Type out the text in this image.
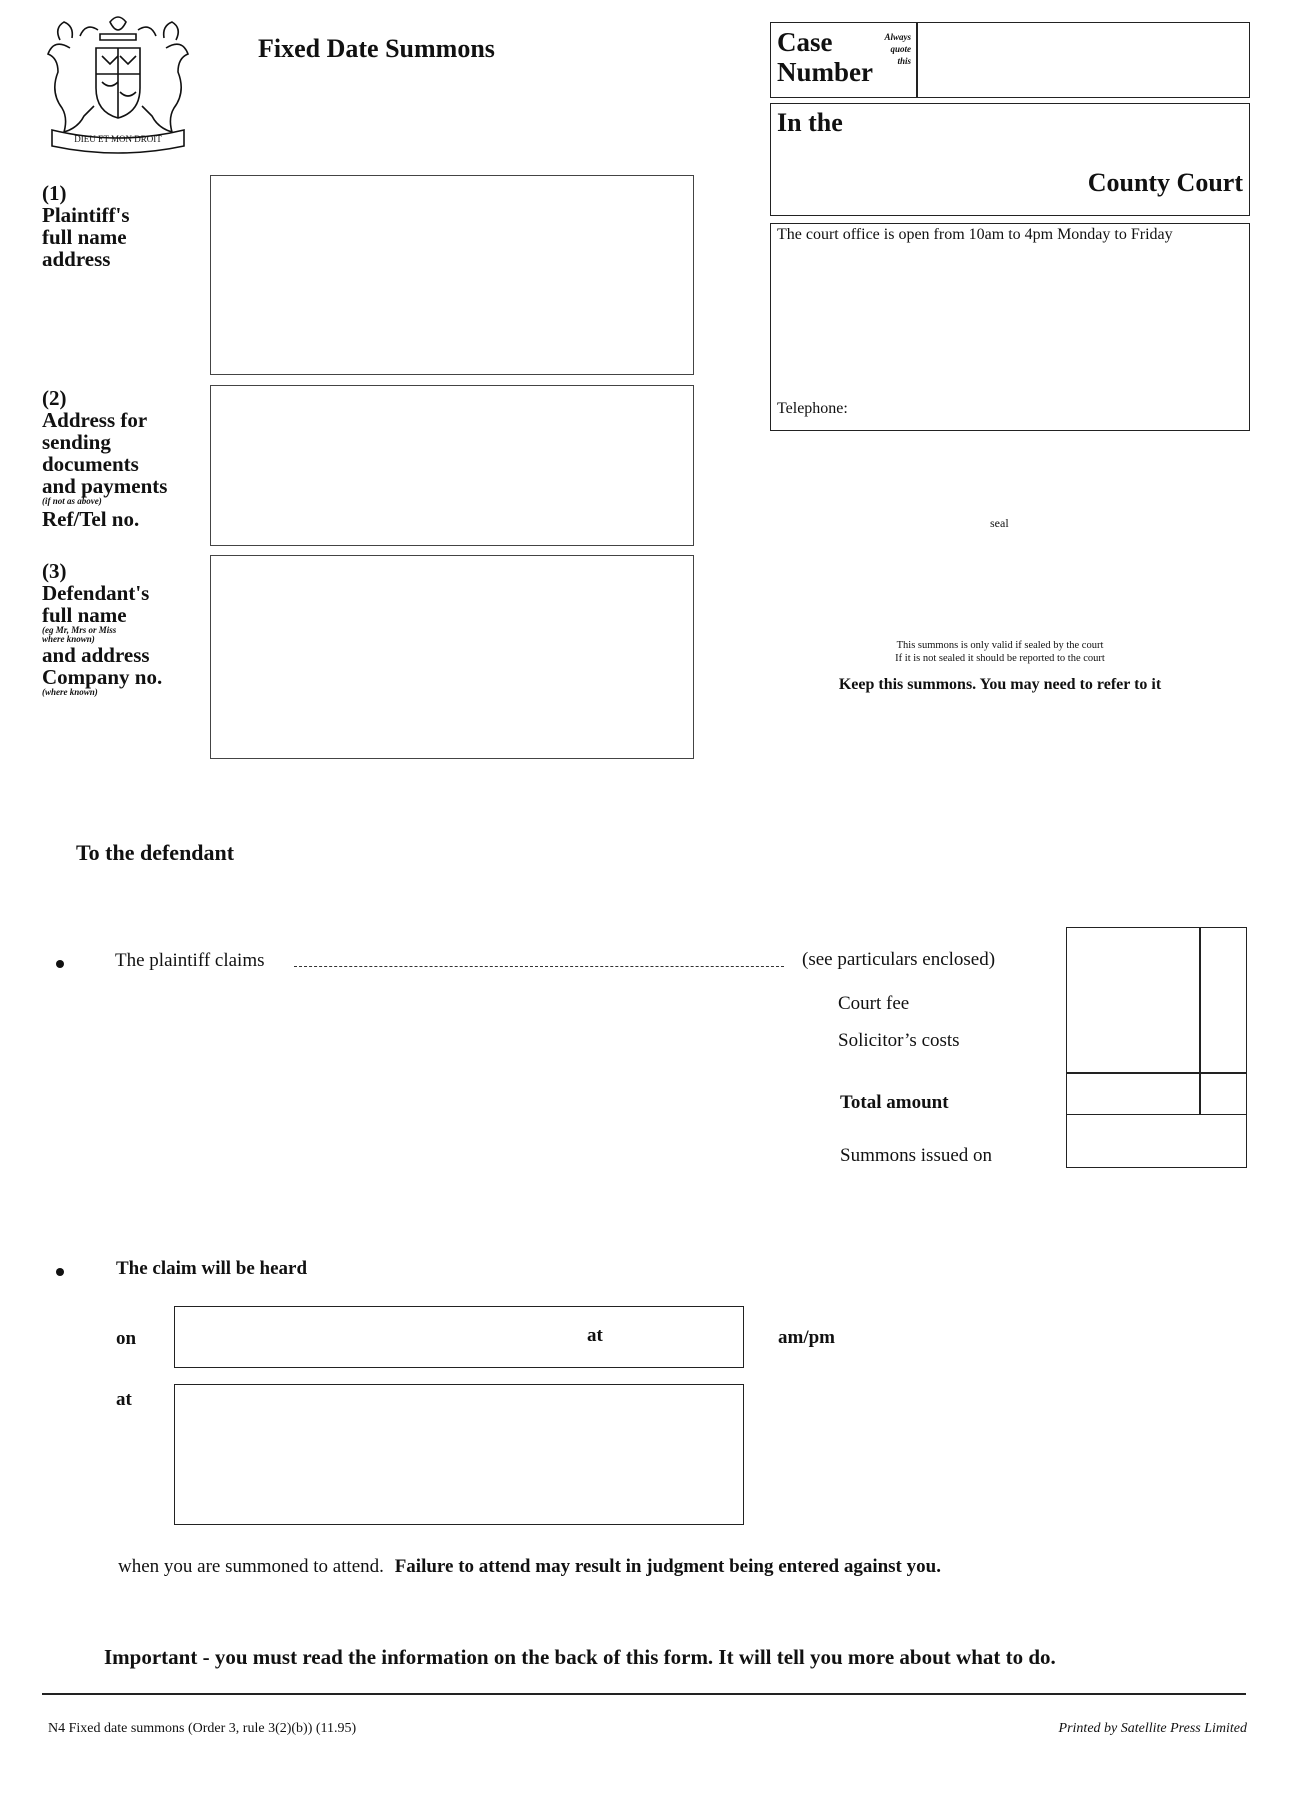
DIEU ET MON DROIT
Fixed Date Summons	Case
Number
Always
quote
this
In the
County Court
The court office is open from 10am to 4pm Monday to Friday
Telephone:
seal
This summons is only valid if sealed by the court
If it is not sealed it should be reported to the court
Keep this summons. You may need to refer to it
(1)
Plaintiff's
full name
address
(2)
Address for
sending
documents
and payments
(if not as above)
Ref/Tel no.
(3)
Defendant's
full name
(eg Mr, Mrs or Miss
where known)
and address
Company no.
(where known)
To the defendant
The plaintiff claims	(see particulars enclosed)
Court fee
Solicitor’s costs
Total amount
Summons issued on
The claim will be heard
on	at	am/pm
at
when you are summoned to attend. Failure to attend may result in judgment being entered against you.
Important - you must read the information on the back of this form. It will tell you more about what to do.
N4 Fixed date summons (Order 3, rule 3(2)(b)) (11.95)	Printed by Satellite Press Limited
